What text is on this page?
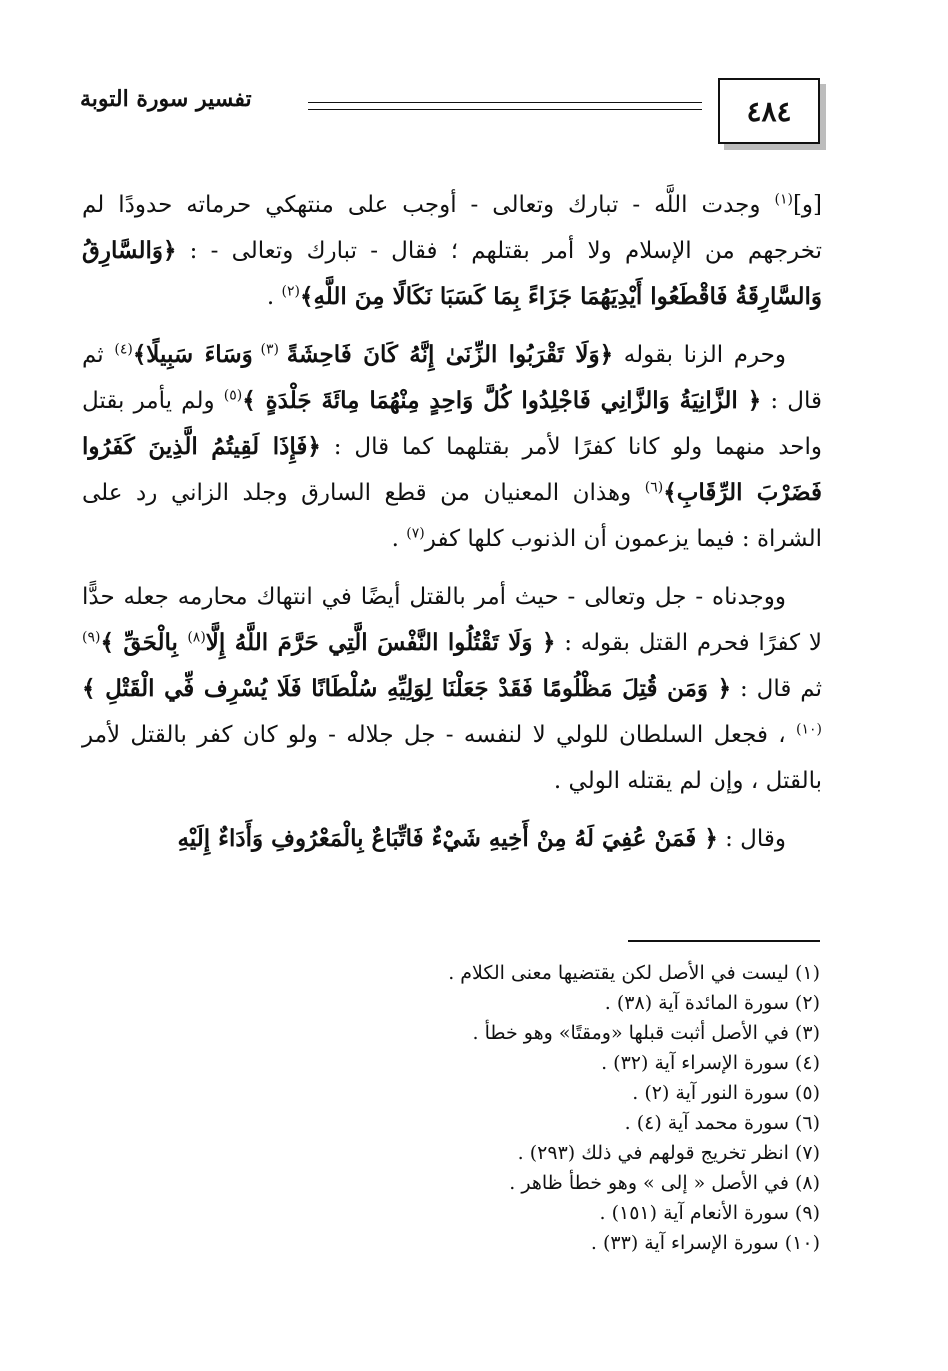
٤٨٤
تفسير سورة التوبة

[و]$^{(١)}$ وجدت اللَّه - تبارك وتعالى - أوجب على منتهكي حرماته حدودًا لم تخرجهم من الإسلام ولا أمر بقتلهم ؛ فقال - تبارك وتعالى - : ﴿وَالسَّارِقُ وَالسَّارِقَةُ فَاقْطَعُوا أَيْدِيَهُمَا جَزَاءً بِمَا كَسَبَا نَكَالًا مِنَ اللَّهِ﴾$^{(٢)}$ .

وحرم الزنا بقوله ﴿وَلَا تَقْرَبُوا الزِّنَىٰ إِنَّهُ كَانَ فَاحِشَةً $^{(٣)}$ وَسَاءَ سَبِيلًا﴾$^{(٤)}$ ثم قال : ﴿ الزَّانِيَةُ وَالزَّانِي فَاجْلِدُوا كُلَّ وَاحِدٍ مِنْهُمَا مِائَةَ جَلْدَةٍ ﴾$^{(٥)}$ ولم يأمر بقتل واحد منهما ولو كانا كفرًا لأمر بقتلهما كما قال : ﴿فَإِذَا لَقِيتُمُ الَّذِينَ كَفَرُوا فَضَرْبَ الرِّقَابِ﴾$^{(٦)}$ وهذان المعنيان من قطع السارق وجلد الزاني رد على الشراة : فيما يزعمون أن الذنوب كلها كفر$^{(٧)}$ .

ووجدناه - جل وتعالى - حيث أمر بالقتل أيضًا في انتهاك محارمه جعله حدًّا لا كفرًا فحرم القتل بقوله : ﴿ وَلَا تَقْتُلُوا النَّفْسَ الَّتِي حَرَّمَ اللَّهُ إِلَّا$^{(٨)}$ بِالْحَقِّ ﴾$^{(٩)}$ ثم قال : ﴿ وَمَن قُتِلَ مَظْلُومًا فَقَدْ جَعَلْنَا لِوَلِيِّهِ سُلْطَانًا فَلَا يُسْرِف فِّي الْقَتْلِ ﴾$^{(١٠)}$ ، فجعل السلطان للولي لا لنفسه - جل جلاله - ولو كان كفر بالقتل لأمر بالقتل ، وإن لم يقتله الولي .

وقال : ﴿ فَمَنْ عُفِيَ لَهُ مِنْ أَخِيهِ شَيْءٌ فَاتِّبَاعٌ بِالْمَعْرُوفِ وَأَدَاءٌ إِلَيْهِ

(١) ليست في الأصل لكن يقتضيها معنى الكلام .
(٢) سورة المائدة آية (٣٨) .
(٣) في الأصل أثبت قبلها «ومقتًا» وهو خطأ .
(٤) سورة الإسراء آية (٣٢) .
(٥) سورة النور آية (٢) .
(٦) سورة محمد آية (٤) .
(٧) انظر تخريج قولهم في ذلك (٢٩٣) .
(٨) في الأصل « إلى » وهو خطأ ظاهر .
(٩) سورة الأنعام آية (١٥١) .
(١٠) سورة الإسراء آية (٣٣) .
